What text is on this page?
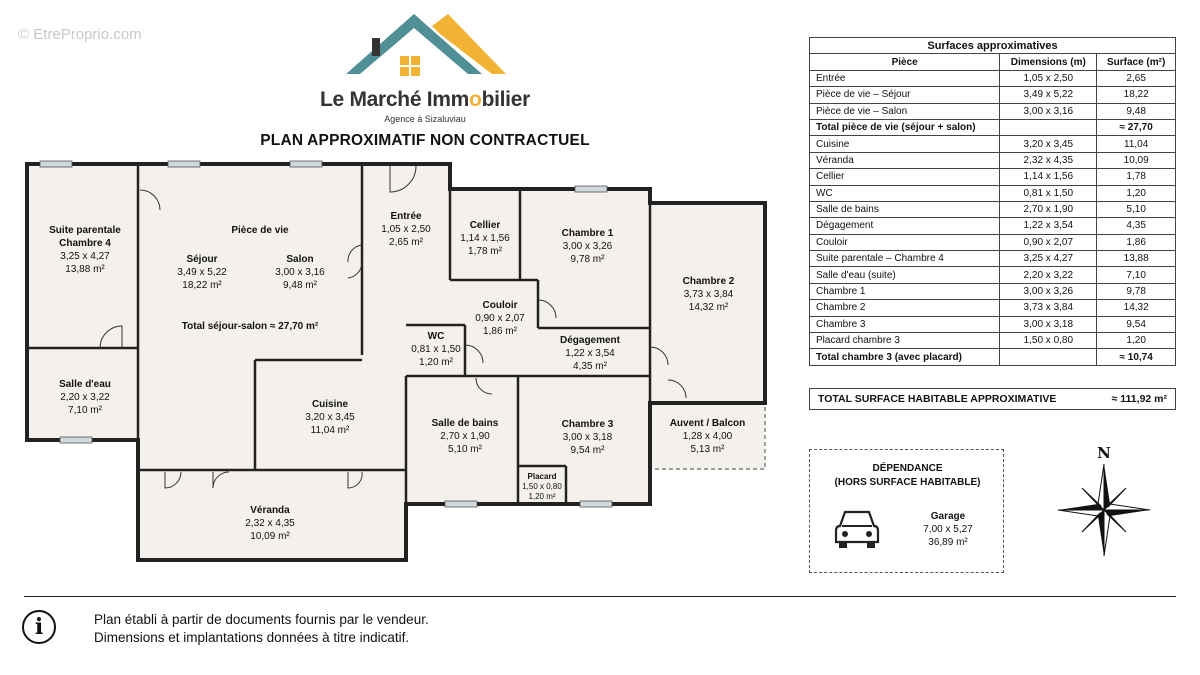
© EtreProprio.com
Le Marché Immobilier
Agence à Sizaluviau
PLAN APPROXIMATIF NON CONTRACTUEL
Suite parentale
Chambre 4
3,25 x 4,27
13,88 m²
Salle d'eau
2,20 x 3,22
7,10 m²
Pièce de vie
Séjour
3,49 x 5,22
18,22 m²
Salon
3,00 x 3,16
9,48 m²
Total séjour-salon ≈ 27,70 m²
Entrée
1,05 x 2,50
2,65 m²
Cellier
1,14 x 1,56
1,78 m²
Chambre 1
3,00 x 3,26
9,78 m²
Chambre 2
3,73 x 3,84
14,32 m²
Couloir
0,90 x 2,07
1,86 m²
WC
0,81 x 1,50
1,20 m²
Dégagement
1,22 x 3,54
4,35 m²
Cuisine
3,20 x 3,45
11,04 m²
Salle de bains
2,70 x 1,90
5,10 m²
Chambre 3
3,00 x 3,18
9,54 m²
Placard
1,50 x 0,80
1,20 m²
Auvent / Balcon
1,28 x 4,00
5,13 m²
Véranda
2,32 x 4,35
10,09 m²
Surfaces approximatives		
Pièce	Dimensions (m)	Surface (m²)
Entrée	1,05 x 2,50	2,65
Pièce de vie – Séjour	3,49 x 5,22	18,22
Pièce de vie – Salon	3,00 x 3,16	9,48
Total pièce de vie (séjour + salon)		≈ 27,70
Cuisine	3,20 x 3,45	11,04
Véranda	2,32 x 4,35	10,09
Cellier	1,14 x 1,56	1,78
WC	0,81 x 1,50	1,20
Salle de bains	2,70 x 1,90	5,10
Dégagement	1,22 x 3,54	4,35
Couloir	0,90 x 2,07	1,86
Suite parentale – Chambre 4	3,25 x 4,27	13,88
Salle d'eau (suite)	2,20 x 3,22	7,10
Chambre 1	3,00 x 3,26	9,78
Chambre 2	3,73 x 3,84	14,32
Chambre 3	3,00 x 3,18	9,54
Placard chambre 3	1,50 x 0,80	1,20
Total chambre 3 (avec placard)		≈ 10,74
TOTAL SURFACE HABITABLE APPROXIMATIVE	≈ 111,92 m²
DÉPENDANCE
(HORS SURFACE HABITABLE)
Garage
7,00 x 5,27
36,89 m²
N
i	Plan établi à partir de documents fournis par le vendeur.
Dimensions et implantations données à titre indicatif.
